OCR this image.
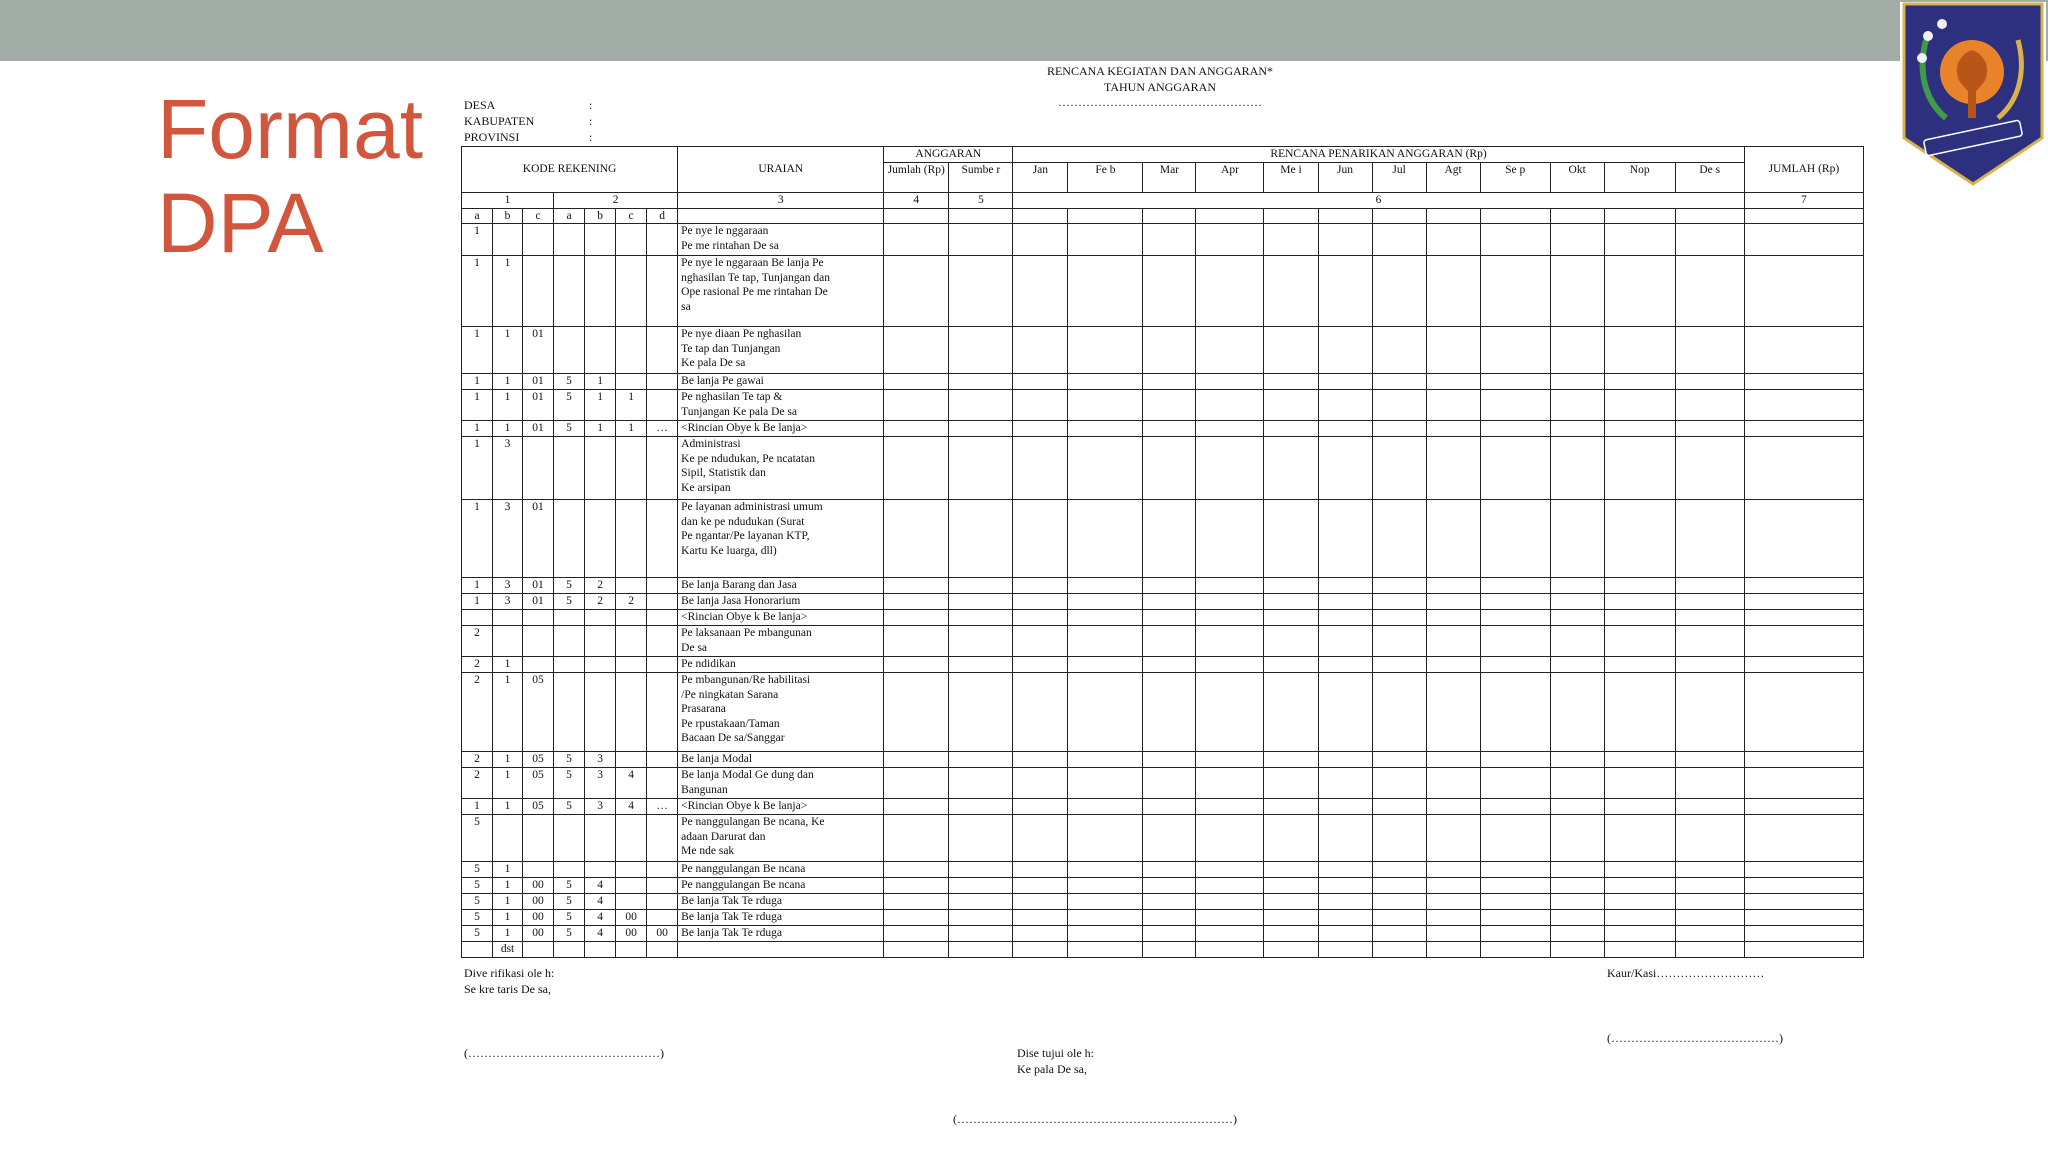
Format
DPA
RENCANA KEGIATAN DAN ANGGARAN*
TAHUN ANGGARAN
……………………………………………
DESA	:
KABUPATEN	:
PROVINSI	:
KODE REKENING							URAIAN	ANGGARAN		RENCANA PENARIKAN ANGGARAN (Rp)												JUMLAH (Rp)
								Jumlah (Rp)	Sumbe r	Jan	Fe b	Mar	Apr	Me i	Jun	Jul	Agt	Se p	Okt	Nop	De s	
1			2				3	4	5	6												7
a	b	c	a	b	c	d																
1							Pe nye le nggaraan
Pe me rintahan De sa															

1	1						Pe nye le nggaraan Be lanja Pe
nghasilan Te tap, Tunjangan dan
Ope rasional Pe me rintahan De
sa															

1	1	01					Pe nye diaan Pe nghasilan
Te tap dan Tunjangan
Ke pala De sa															

1	1	01	5	1			Be lanja Pe gawai															

1	1	01	5	1	1		Pe nghasilan Te tap &
Tunjangan Ke pala De sa															

1	1	01	5	1	1	…	<Rincian Obye k Be lanja>															

1	3						Administrasi
Ke pe ndudukan, Pe ncatatan
Sipil, Statistik dan
Ke arsipan															

1	3	01					Pe layanan administrasi umum
dan ke pe ndudukan (Surat
Pe ngantar/Pe layanan KTP,
Kartu Ke luarga, dll)															

1	3	01	5	2			Be lanja Barang dan Jasa															

1	3	01	5	2	2		Be lanja Jasa Honorarium															

							<Rincian Obye k Be lanja>															

2							Pe laksanaan Pe mbangunan
De sa															

2	1						Pe ndidikan															

2	1	05					Pe mbangunan/Re habilitasi
/Pe ningkatan Sarana
Prasarana
Pe rpustakaan/Taman
Bacaan De sa/Sanggar															

2	1	05	5	3			Be lanja Modal															

2	1	05	5	3	4		Be lanja Modal Ge dung dan
Bangunan															

1	1	05	5	3	4	…	<Rincian Obye k Be lanja>															

5							Pe nanggulangan Be ncana, Ke
adaan Darurat dan
Me nde sak															

5	1						Pe nanggulangan Be ncana															

5	1	00	5	4			Pe nanggulangan Be ncana															

5	1	00	5	4			Be lanja Tak Te rduga															

5	1	00	5	4	00		Be lanja Tak Te rduga															

5	1	00	5	4	00	00	Be lanja Tak Te rduga															

	dst						

Dive rifikasi ole h:
Se kre taris De sa,
(…………………………………………)
Kaur/Kasi………………………
(……………………………………)
Dise tujui ole h:
Ke pala De sa,
(……………………………………………………………)
